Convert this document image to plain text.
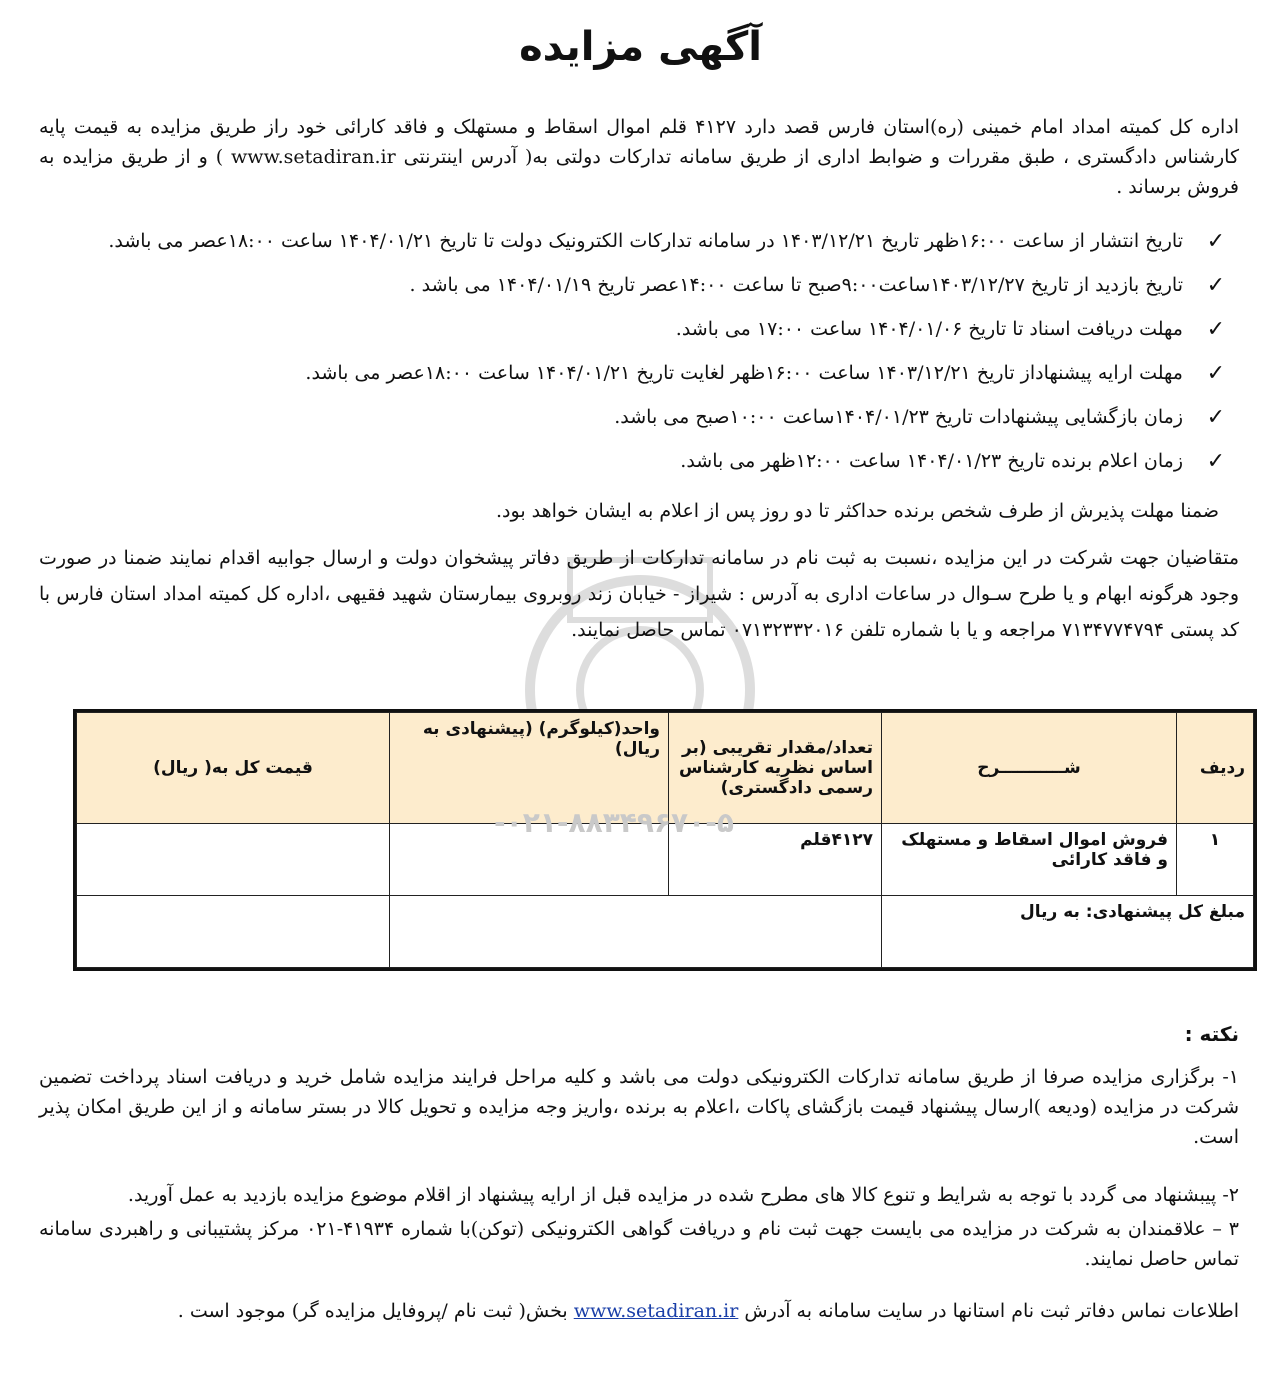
آگهی مزایده
اداره کل کمیته امداد امام خمینی (ره)استان فارس قصد دارد ۴۱۲۷ قلم اموال اسقاط و مستهلک و فاقد کارائی خود راز طریق مزایده به قیمت پایه کارشناس دادگستری ، طبق مقررات و ضوابط اداری از طریق سامانه تدارکات دولتی به( آدرس اینترنتی www.setadiran.ir ) و از طریق مزایده به فروش برساند .
✓
تاریخ انتشار از ساعت ۱۶:۰۰ظهر تاریخ ۱۴۰۳/۱۲/۲۱ در سامانه تدارکات الکترونیک دولت تا تاریخ ۱۴۰۴/۰۱/۲۱ ساعت ۱۸:۰۰عصر می باشد.
✓
تاریخ بازدید از تاریخ ۱۴۰۳/۱۲/۲۷ساعت۹:۰۰صبح تا ساعت ۱۴:۰۰عصر تاریخ ۱۴۰۴/۰۱/۱۹ می باشد .
✓
مهلت دریافت اسناد تا تاریخ ۱۴۰۴/۰۱/۰۶ ساعت ۱۷:۰۰ می باشد.
✓
مهلت ارایه پیشنهاداز تاریخ ۱۴۰۳/۱۲/۲۱ ساعت ۱۶:۰۰ظهر لغایت تاریخ ۱۴۰۴/۰۱/۲۱ ساعت ۱۸:۰۰عصر می باشد.
✓
زمان بازگشایی پیشنهادات تاریخ ۱۴۰۴/۰۱/۲۳ساعت ۱۰:۰۰صبح می باشد.
✓
زمان اعلام برنده تاریخ ۱۴۰۴/۰۱/۲۳ ساعت ۱۲:۰۰ظهر می باشد.
ضمنا مهلت پذیرش از طرف شخص برنده حداکثر تا دو روز پس از اعلام به ایشان خواهد بود.
متقاضیان جهت شرکت در این مزایده ،نسبت به ثبت نام در سامانه تدارکات از طریق دفاتر پیشخوان دولت و ارسال جوابیه اقدام نمایند ضمنا در صورت وجود هرگونه ابهام و یا طرح سـوال در ساعات اداری به آدرس : شیراز - خیابان زند روبروی بیمارستان شهید فقیهی ،اداره کل کمیته امداد استان فارس با کد پستی ۷۱۳۴۷۷۴۷۹۴ مراجعه و یا با شماره تلفن ۰۷۱۳۲۳۳۲۰۱۶ تماس حاصل نمایند.
ردیف	شـــــــــــرح	تعداد/مقدار تقریبی (بر اساس نظریه کارشناس رسمی دادگستری)	واحد(کیلوگرم) (پیشنهادی به ریال)	قیمت کل به( ریال)
۱	فروش اموال اسقاط و مستهلک و فاقد کارائی	۴۱۲۷قلم		
مبلغ کل پیشنهادی: به ریال				
-۰۲۱-۸۸۳۴۹۶۷۰-۵
نکته :
۱- برگزاری مزایده صرفا از طریق سامانه تدارکات الکترونیکی دولت می باشد و کلیه مراحل فرایند مزایده شامل خرید و دریافت اسناد پرداخت تضمین شرکت در مزایده (ودیعه )ارسال پیشنهاد قیمت بازگشای پاکات ،اعلام به برنده ،واریز وجه مزایده و تحویل کالا در بستر سامانه و از این طریق امکان پذیر است.
۲- پیبشنهاد می گردد با توجه به شرایط و تنوع کالا های مطرح شده در مزایده قبل از ارایه پیشنهاد از اقلام موضوع مزایده بازدید به عمل آورید.
۳ – علاقمندان به شرکت در مزایده می بایست جهت ثبت نام و دریافت گواهی الکترونیکی (توکن)با شماره ۴۱۹۳۴-۰۲۱ مرکز پشتیبانی و راهبردی سامانه تماس حاصل نمایند.
اطلاعات نماس دفاتر ثبت نام استانها در سایت سامانه به آدرش www.setadiran.ir بخش( ثبت نام /پروفایل مزایده گر) موجود است .
